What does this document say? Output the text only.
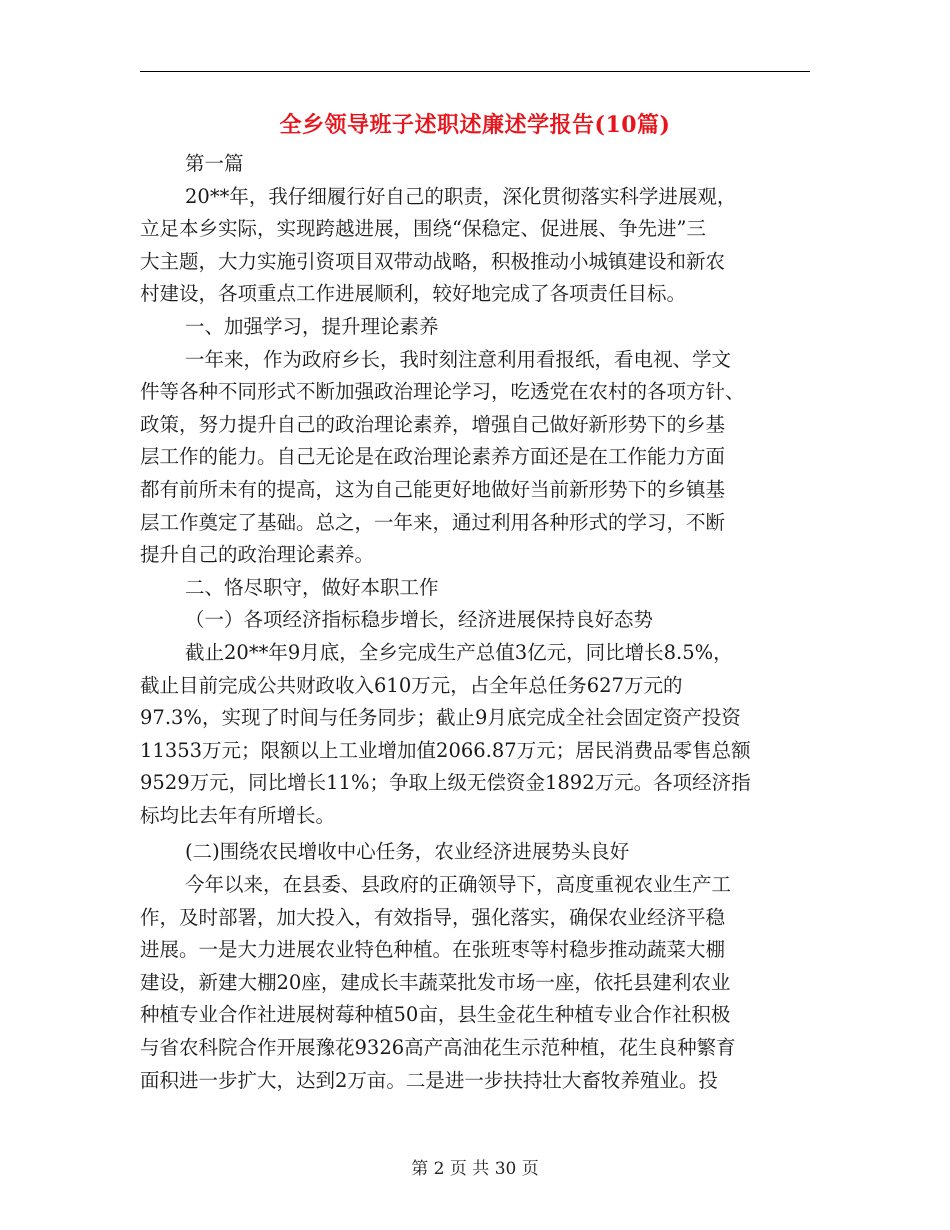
全乡领导班子述职述廉述学报告(10篇)
第一篇
20**年，我仔细履行好自己的职责，深化贯彻落实科学进展观，
立足本乡实际，实现跨越进展，围绕“保稳定、促进展、争先进”三
大主题，大力实施引资项目双带动战略，积极推动小城镇建设和新农
村建设，各项重点工作进展顺利，较好地完成了各项责任目标。
一、加强学习，提升理论素养
一年来，作为政府乡长，我时刻注意利用看报纸，看电视、学文
件等各种不同形式不断加强政治理论学习，吃透党在农村的各项方针、
政策，努力提升自己的政治理论素养，增强自己做好新形势下的乡基
层工作的能力。自己无论是在政治理论素养方面还是在工作能力方面
都有前所未有的提高，这为自己能更好地做好当前新形势下的乡镇基
层工作奠定了基础。总之，一年来，通过利用各种形式的学习，不断
提升自己的政治理论素养。
二、恪尽职守，做好本职工作
（一）各项经济指标稳步增长，经济进展保持良好态势
截止20**年9月底，全乡完成生产总值3亿元，同比增长8.5%，
截止目前完成公共财政收入610万元，占全年总任务627万元的
97.3%，实现了时间与任务同步；截止9月底完成全社会固定资产投资
11353万元；限额以上工业增加值2066.87万元；居民消费品零售总额
9529万元，同比增长11%；争取上级无偿资金1892万元。各项经济指
标均比去年有所增长。
(二)围绕农民增收中心任务，农业经济进展势头良好
今年以来，在县委、县政府的正确领导下，高度重视农业生产工
作，及时部署，加大投入，有效指导，强化落实，确保农业经济平稳
进展。一是大力进展农业特色种植。在张班枣等村稳步推动蔬菜大棚
建设，新建大棚20座，建成长丰蔬菜批发市场一座，依托县建利农业
种植专业合作社进展树莓种植50亩，县生金花生种植专业合作社积极
与省农科院合作开展豫花9326高产高油花生示范种植，花生良种繁育
面积进一步扩大，达到2万亩。二是进一步扶持壮大畜牧养殖业。投
第 2 页 共 30 页
